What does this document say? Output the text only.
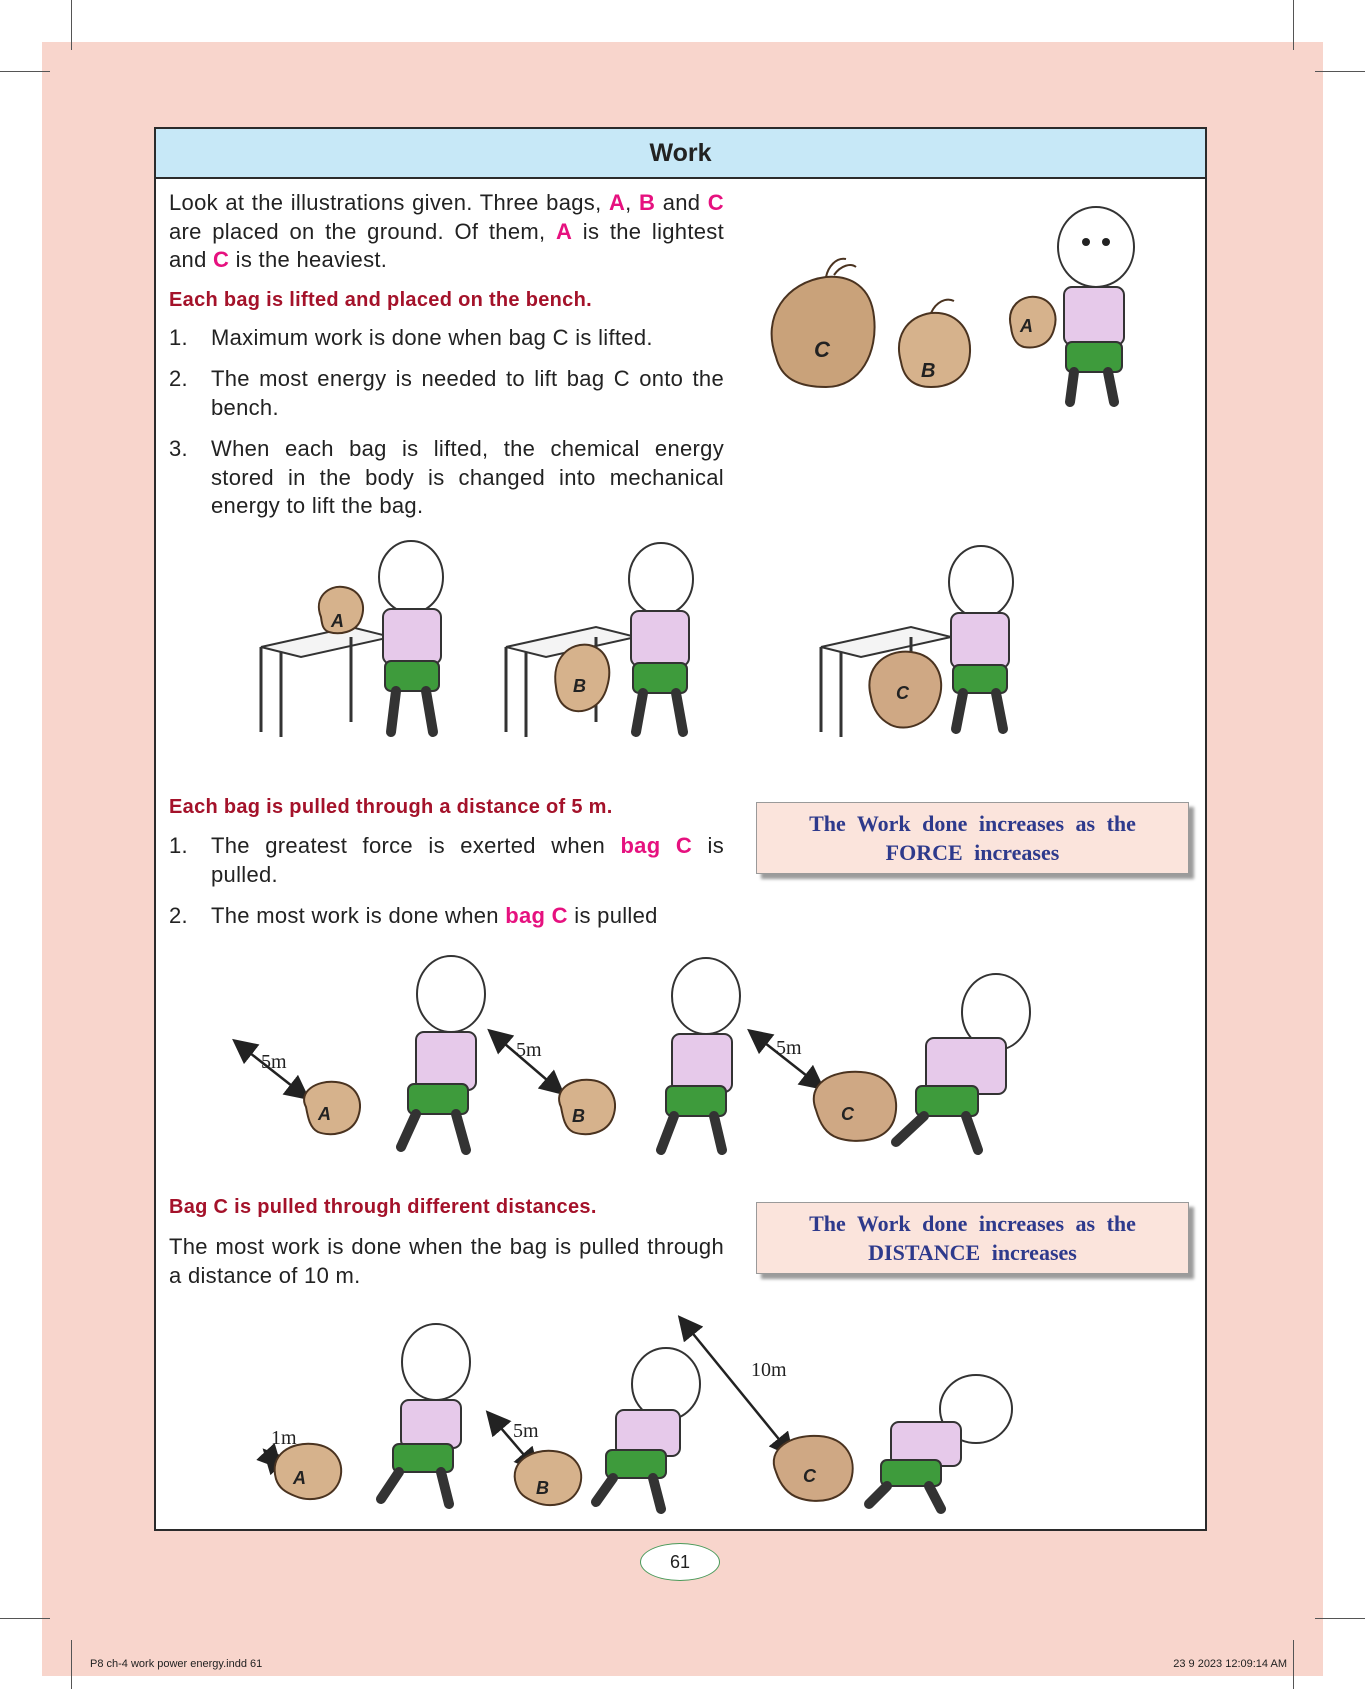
Work
Look at the illustrations given. Three bags, A, B and C are placed on the ground. Of them, A is the lightest and C is the heaviest.
Each bag is lifted and placed on the bench.
1. Maximum work is done when bag C is lifted.
2. The most energy is needed to lift bag C onto the bench.
3. When each bag is lifted, the chemical energy stored in the body is changed into mechanical energy to lift the bag.
C
B
A
A
B	C
Each bag is pulled through a distance of 5 m.
1. The greatest force is exerted when bag C is pulled.
2. The most work is done when bag C is pulled
The Work done increases as the
FORCE increases
5m
A
5m
B
5m
C
Bag C is pulled through different distances.
The most work is done when the bag is pulled through a distance of 10 m.
The Work done increases as the
DISTANCE increases
1m
A
5m
B
10m
C
61
P8 ch-4 work power energy.indd 61	23 9 2023 12:09:14 AM
